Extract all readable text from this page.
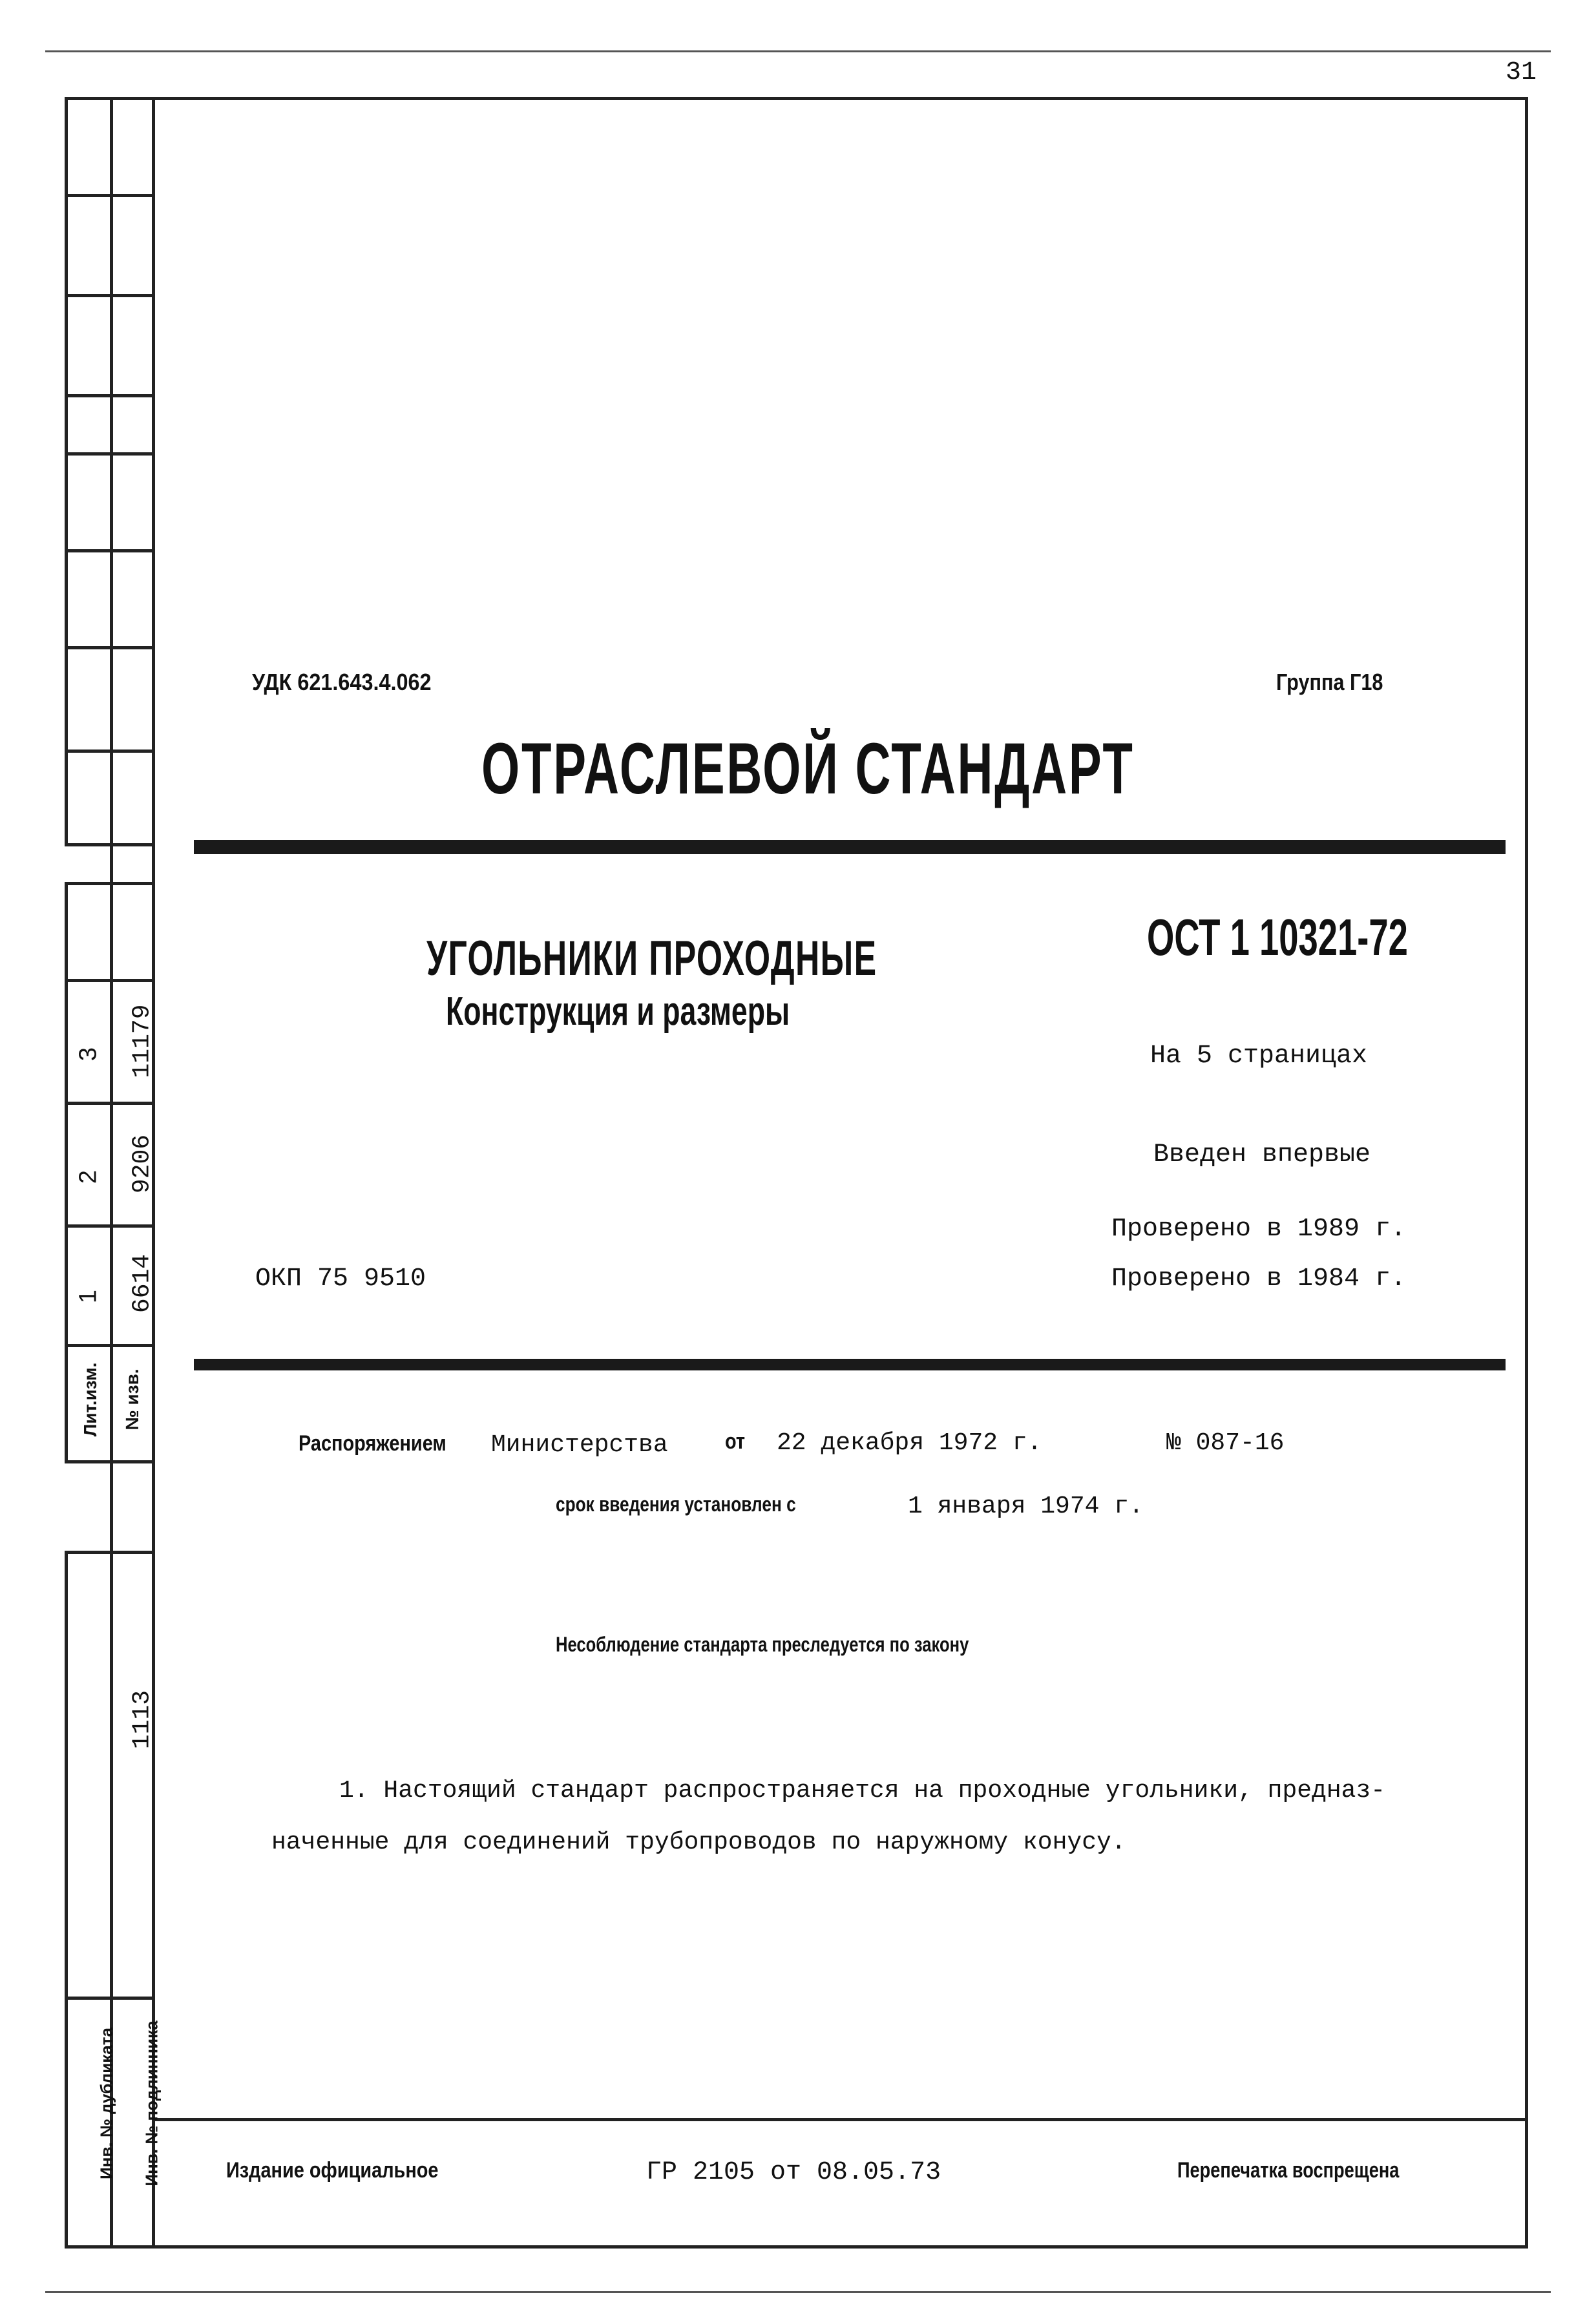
31
3 11179
2 9206
1 6614
Лит.изм. № изв.
1113
Инв. № дубликата Инв. № подлинника
УДК 621.643.4.062	Группа Г18
ОТРАСЛЕВОЙ СТАНДАРТ
УГОЛЬНИКИ ПРОХОДНЫЕ
Конструкция и размеры
ОСТ 1 10321-72
На 5 страницах
Введен впервые
Проверено в 1989 г.
Проверено в 1984 г.
ОКП 75 9510
Распоряжением Министерства	от 22 декабря 1972 г.	№ 087-16
срок введения установлен с	1 января 1974 г.
Несоблюдение стандарта преследуется по закону
1. Настоящий стандарт распространяется на проходные угольники, предназ-
наченные для соединений трубопроводов по наружному конусу.
Издание официальное	ГР 2105 от 08.05.73	Перепечатка воспрещена
